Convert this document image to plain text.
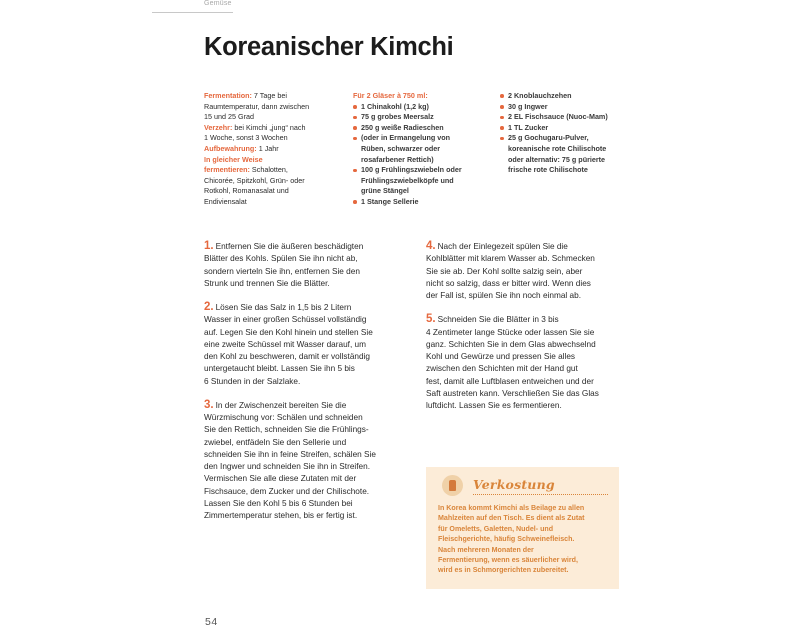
Gemüse
Koreanischer Kimchi
Fermentation: 7 Tage bei
Raumtemperatur, dann zwischen
15 und 25 Grad
Verzehr: bei Kimchi „jung“ nach
1 Woche, sonst 3 Wochen
Aufbewahrung: 1 Jahr
In gleicher Weise
fermentieren: Schalotten,
Chicorée, Spitzkohl, Grün- oder
Rotkohl, Romanasalat und
Endiviensalat
Für 2 Gläser à 750 ml:
1 Chinakohl (1,2 kg)
75 g grobes Meersalz
250 g weiße Radieschen
(oder in Ermangelung von
Rüben, schwarzer oder
rosafarbener Rettich)
100 g Frühlingszwiebeln oder
Frühlingszwiebelköpfe und
grüne Stängel
1 Stange Sellerie
2 Knoblauchzehen
30 g Ingwer
2 EL Fischsauce (Nuoc-Mam)
1 TL Zucker
25 g Gochugaru-Pulver,
koreanische rote Chilischote
oder alternativ: 75 g pürierte
frische rote Chilischote
1. Entfernen Sie die äußeren beschädigten
Blätter des Kohls. Spülen Sie ihn nicht ab,
sondern vierteln Sie ihn, entfernen Sie den
Strunk und trennen Sie die Blätter.
2. Lösen Sie das Salz in 1,5 bis 2 Litern
Wasser in einer großen Schüssel vollständig
auf. Legen Sie den Kohl hinein und stellen Sie
eine zweite Schüssel mit Wasser darauf, um
den Kohl zu beschweren, damit er vollständig
untergetaucht bleibt. Lassen Sie ihn 5 bis
6 Stunden in der Salzlake.
3. In der Zwischenzeit bereiten Sie die
Würzmischung vor: Schälen und schneiden
Sie den Rettich, schneiden Sie die Frühlings-
zwiebel, entfädeln Sie den Sellerie und
schneiden Sie ihn in feine Streifen, schälen Sie
den Ingwer und schneiden Sie ihn in Streifen.
Vermischen Sie alle diese Zutaten mit der
Fischsauce, dem Zucker und der Chilischote.
Lassen Sie den Kohl 5 bis 6 Stunden bei
Zimmertemperatur stehen, bis er fertig ist.
4. Nach der Einlegezeit spülen Sie die
Kohlblätter mit klarem Wasser ab. Schmecken
Sie sie ab. Der Kohl sollte salzig sein, aber
nicht so salzig, dass er bitter wird. Wenn dies
der Fall ist, spülen Sie ihn noch einmal ab.
5. Schneiden Sie die Blätter in 3 bis
4 Zentimeter lange Stücke oder lassen Sie sie
ganz. Schichten Sie in dem Glas abwechselnd
Kohl und Gewürze und pressen Sie alles
zwischen den Schichten mit der Hand gut
fest, damit alle Luftblasen entweichen und der
Saft austreten kann. Verschließen Sie das Glas
luftdicht. Lassen Sie es fermentieren.
Verkostung
In Korea kommt Kimchi als Beilage zu allen
Mahlzeiten auf den Tisch. Es dient als Zutat
für Omeletts, Galetten, Nudel- und
Fleischgerichte, häufig Schweinefleisch.
Nach mehreren Monaten der
Fermentierung, wenn es säuerlicher wird,
wird es in Schmorgerichten zubereitet.
54
